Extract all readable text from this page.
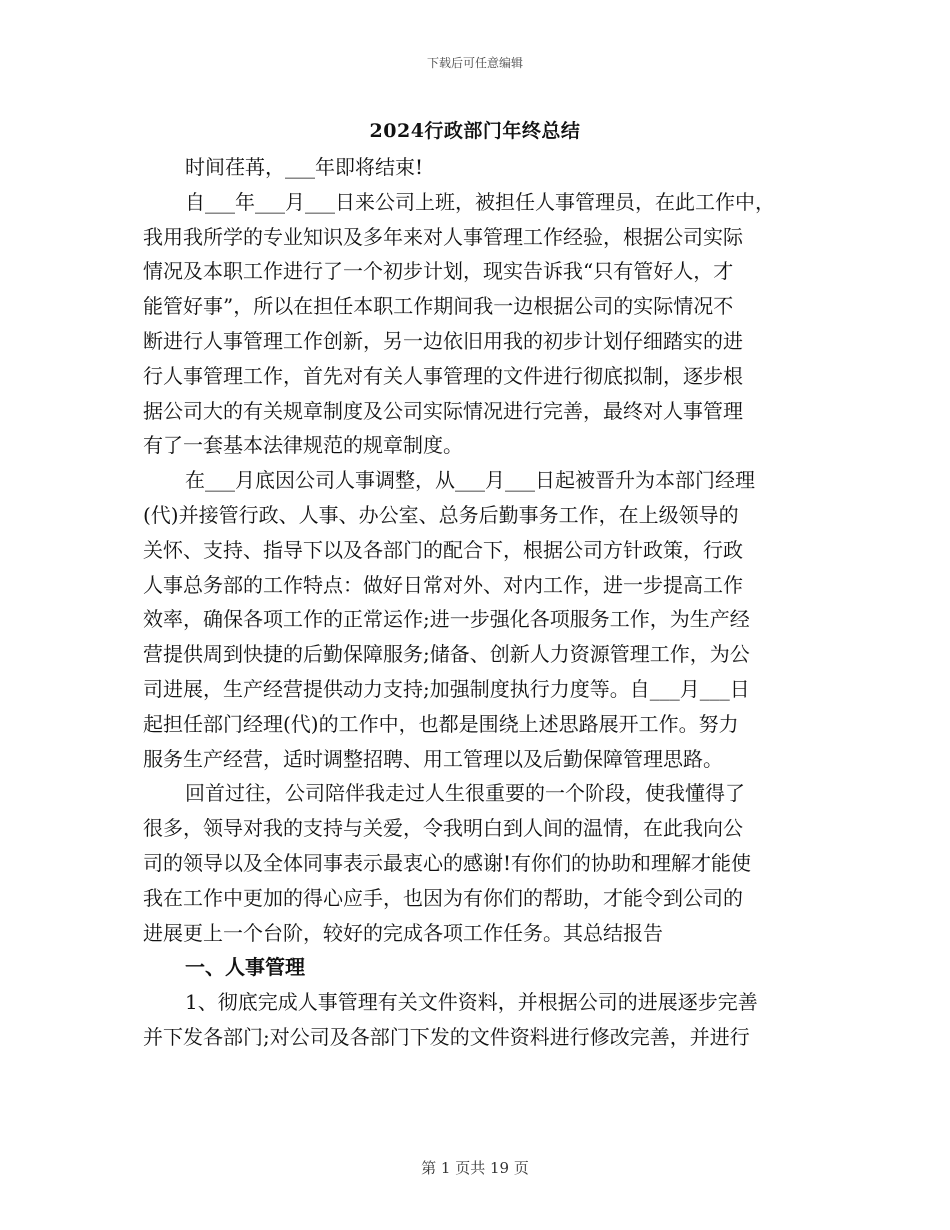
下载后可任意编辑
2024行政部门年终总结
时间荏苒，___年即将结束!
自___年___月___日来公司上班，被担任人事管理员，在此工作中，
我用我所学的专业知识及多年来对人事管理工作经验，根据公司实际
情况及本职工作进行了一个初步计划，现实告诉我“只有管好人，才
能管好事”，所以在担任本职工作期间我一边根据公司的实际情况不
断进行人事管理工作创新，另一边依旧用我的初步计划仔细踏实的进
行人事管理工作，首先对有关人事管理的文件进行彻底拟制，逐步根
据公司大的有关规章制度及公司实际情况进行完善，最终对人事管理
有了一套基本法律规范的规章制度。
在___月底因公司人事调整，从___月___日起被晋升为本部门经理
(代)并接管行政、人事、办公室、总务后勤事务工作，在上级领导的
关怀、支持、指导下以及各部门的配合下，根据公司方针政策，行政
人事总务部的工作特点：做好日常对外、对内工作，进一步提高工作
效率，确保各项工作的正常运作;进一步强化各项服务工作，为生产经
营提供周到快捷的后勤保障服务;储备、创新人力资源管理工作，为公
司进展，生产经营提供动力支持;加强制度执行力度等。自___月___日
起担任部门经理(代)的工作中，也都是围绕上述思路展开工作。努力
服务生产经营，适时调整招聘、用工管理以及后勤保障管理思路。
回首过往，公司陪伴我走过人生很重要的一个阶段，使我懂得了
很多，领导对我的支持与关爱，令我明白到人间的温情，在此我向公
司的领导以及全体同事表示最衷心的感谢!有你们的协助和理解才能使
我在工作中更加的得心应手，也因为有你们的帮助，才能令到公司的
进展更上一个台阶，较好的完成各项工作任务。其总结报告
一、人事管理
1、彻底完成人事管理有关文件资料，并根据公司的进展逐步完善
并下发各部门;对公司及各部门下发的文件资料进行修改完善，并进行
第 1 页共 19 页
